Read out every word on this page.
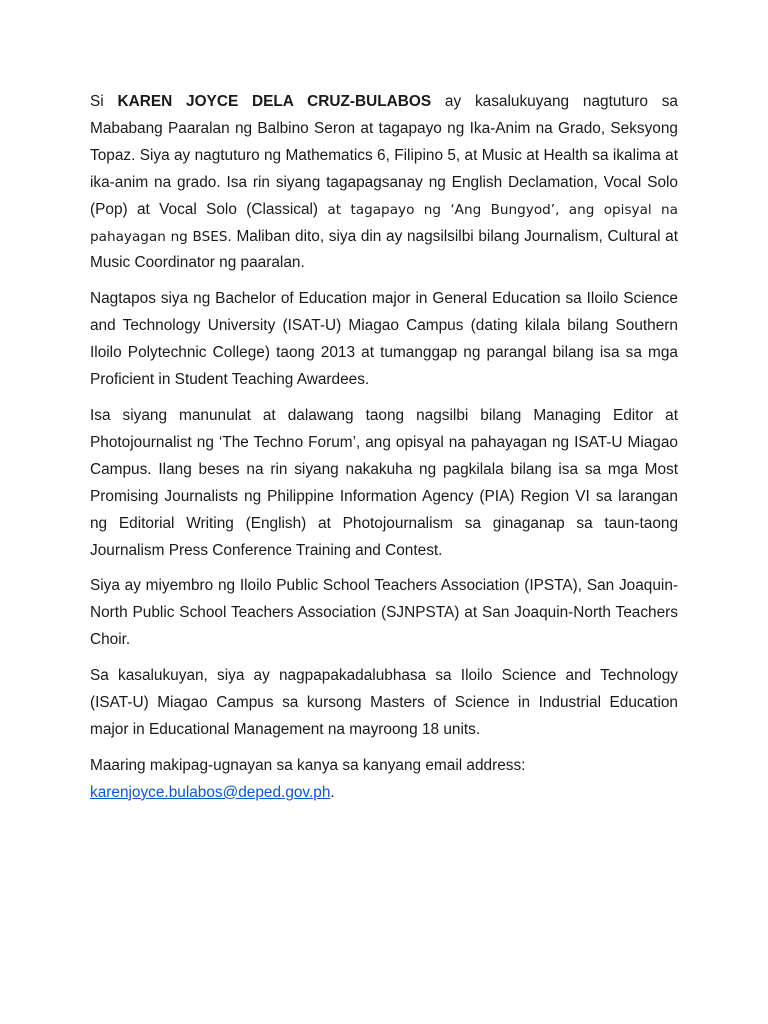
Si KAREN JOYCE DELA CRUZ-BULABOS ay kasalukuyang nagtuturo sa Mababang Paaralan ng Balbino Seron at tagapayo ng Ika-Anim na Grado, Seksyong Topaz. Siya ay nagtuturo ng Mathematics 6, Filipino 5, at Music at Health sa ikalima at ika-anim na grado. Isa rin siyang tagapagsanay ng English Declamation, Vocal Solo (Pop) at Vocal Solo (Classical) at tagapayo ng ‘Ang Bungyod’, ang opisyal na pahayagan ng BSES. Maliban dito, siya din ay nagsilsilbi bilang Journalism, Cultural at Music Coordinator ng paaralan.

Nagtapos siya ng Bachelor of Education major in General Education sa Iloilo Science and Technology University (ISAT-U) Miagao Campus (dating kilala bilang Southern Iloilo Polytechnic College) taong 2013 at tumanggap ng parangal bilang isa sa mga Proficient in Student Teaching Awardees.

Isa siyang manunulat at dalawang taong nagsilbi bilang Managing Editor at Photojournalist ng ‘The Techno Forum’, ang opisyal na pahayagan ng ISAT-U Miagao Campus. Ilang beses na rin siyang nakakuha ng pagkilala bilang isa sa mga Most Promising Journalists ng Philippine Information Agency (PIA) Region VI sa larangan ng Editorial Writing (English) at Photojournalism sa ginaganap sa taun-taong Journalism Press Conference Training and Contest.

Siya ay miyembro ng Iloilo Public School Teachers Association (IPSTA), San Joaquin-North Public School Teachers Association (SJNPSTA) at San Joaquin-North Teachers Choir.

Sa kasalukuyan, siya ay nagpapakadalubhasa sa Iloilo Science and Technology (ISAT-U) Miagao Campus sa kursong Masters of Science in Industrial Education major in Educational Management na mayroong 18 units.

Maaring makipag-ugnayan sa kanya sa kanyang email address:

karenjoyce.bulabos@deped.gov.ph.
